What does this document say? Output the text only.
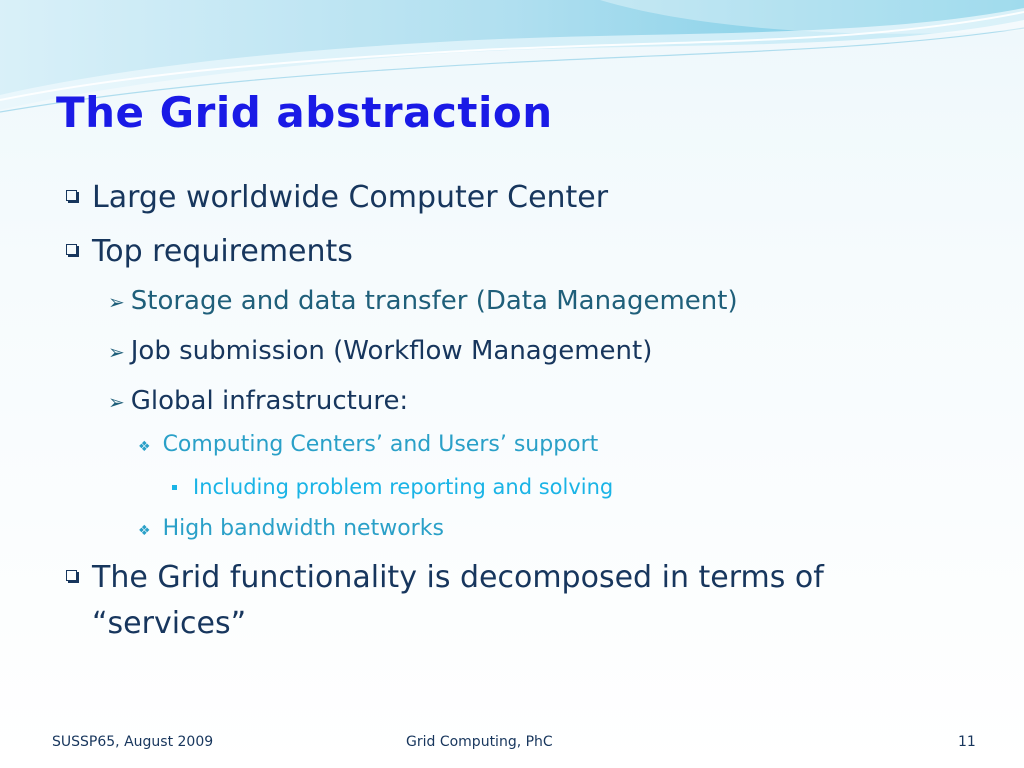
The Grid abstraction
Large worldwide Computer Center
Top requirements
➢ Storage and data transfer (Data Management)
➢ Job submission (Workflow Management)
➢ Global infrastructure:
❖ Computing Centers’ and Users’ support
Including problem reporting and solving
❖ High bandwidth networks
The Grid functionality is decomposed in terms of
“services”
SUSSP65, August 2009	Grid Computing, PhC	11
